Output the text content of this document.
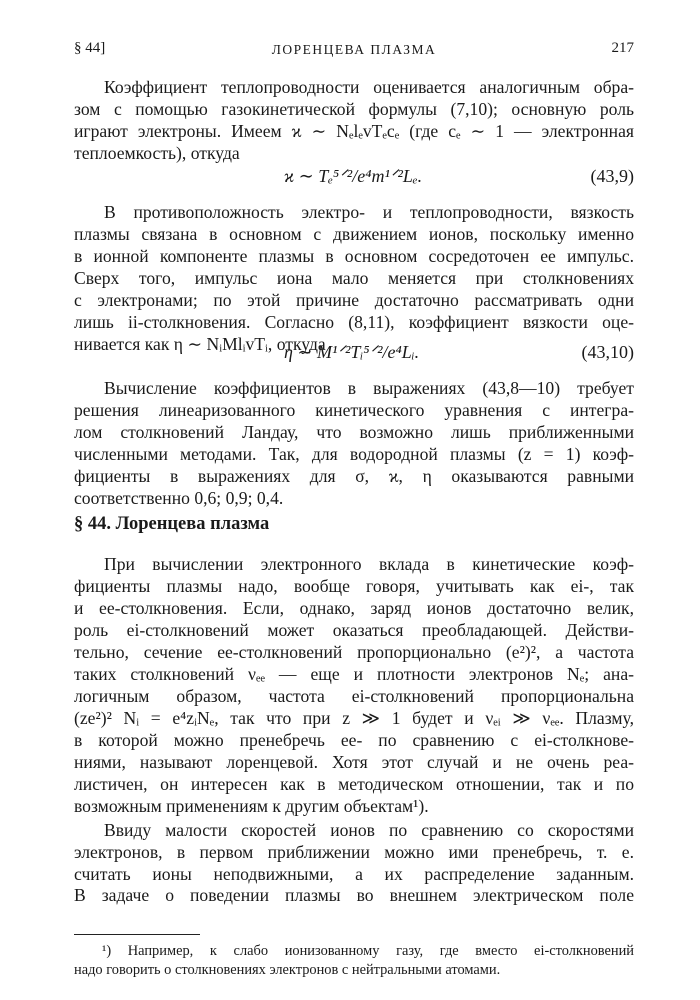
§ 44]	ЛОРЕНЦЕВА ПЛАЗМА	217
Коэффициент теплопроводности оценивается аналогичным обра-
зом с помощью газокинетической формулы (7,10); основную роль
играют электроны. Имеем ϰ ∼ NₑlₑvTₑcₑ (где cₑ ∼ 1 — электронная
теплоемкость), откуда
ϰ ∼ Tₑ⁵ᐟ²/e⁴m¹ᐟ²Lₑ.	(43,9)
В противоположность электро- и теплопроводности, вязкость
плазмы связана в основном с движением ионов, поскольку именно
в ионной компоненте плазмы в основном сосредоточен ее импульс.
Сверх того, импульс иона мало меняется при столкновениях
с электронами; по этой причине достаточно рассматривать одни
лишь ii-столкновения. Согласно (8,11), коэффициент вязкости оце-
нивается как η ∼ NᵢMlᵢvTᵢ, откуда
η ∼ M¹ᐟ²Tᵢ⁵ᐟ²/e⁴Lᵢ.	(43,10)
Вычисление коэффициентов в выражениях (43,8—10) требует
решения линеаризованного кинетического уравнения с интегра-
лом столкновений Ландау, что возможно лишь приближенными
численными методами. Так, для водородной плазмы (z = 1) коэф-
фициенты в выражениях для σ, ϰ, η оказываются равными
соответственно 0,6; 0,9; 0,4.
§ 44. Лоренцева плазма
При вычислении электронного вклада в кинетические коэф-
фициенты плазмы надо, вообще говоря, учитывать как ei-, так
и ee-столкновения. Если, однако, заряд ионов достаточно велик,
роль ei-столкновений может оказаться преобладающей. Действи-
тельно, сечение ee-столкновений пропорционально (e²)², а частота
таких столкновений νₑₑ — еще и плотности электронов Nₑ; ана-
логичным образом, частота ei-столкновений пропорциональна
(ze²)² Nᵢ = e⁴zᵢNₑ, так что при z ≫ 1 будет и νₑᵢ ≫ νₑₑ. Плазму,
в которой можно пренебречь ee- по сравнению с ei-столкнове-
ниями, называют лоренцевой. Хотя этот случай и не очень реа-
листичен, он интересен как в методическом отношении, так и по
возможным применениям к другим объектам¹).
Ввиду малости скоростей ионов по сравнению со скоростями
электронов, в первом приближении можно ими пренебречь, т. е.
считать ионы неподвижными, а их распределение заданным.
В задаче о поведении плазмы во внешнем электрическом поле
¹) Например, к слабо ионизованному газу, где вместо ei-столкновений
надо говорить о столкновениях электронов с нейтральными атомами.
